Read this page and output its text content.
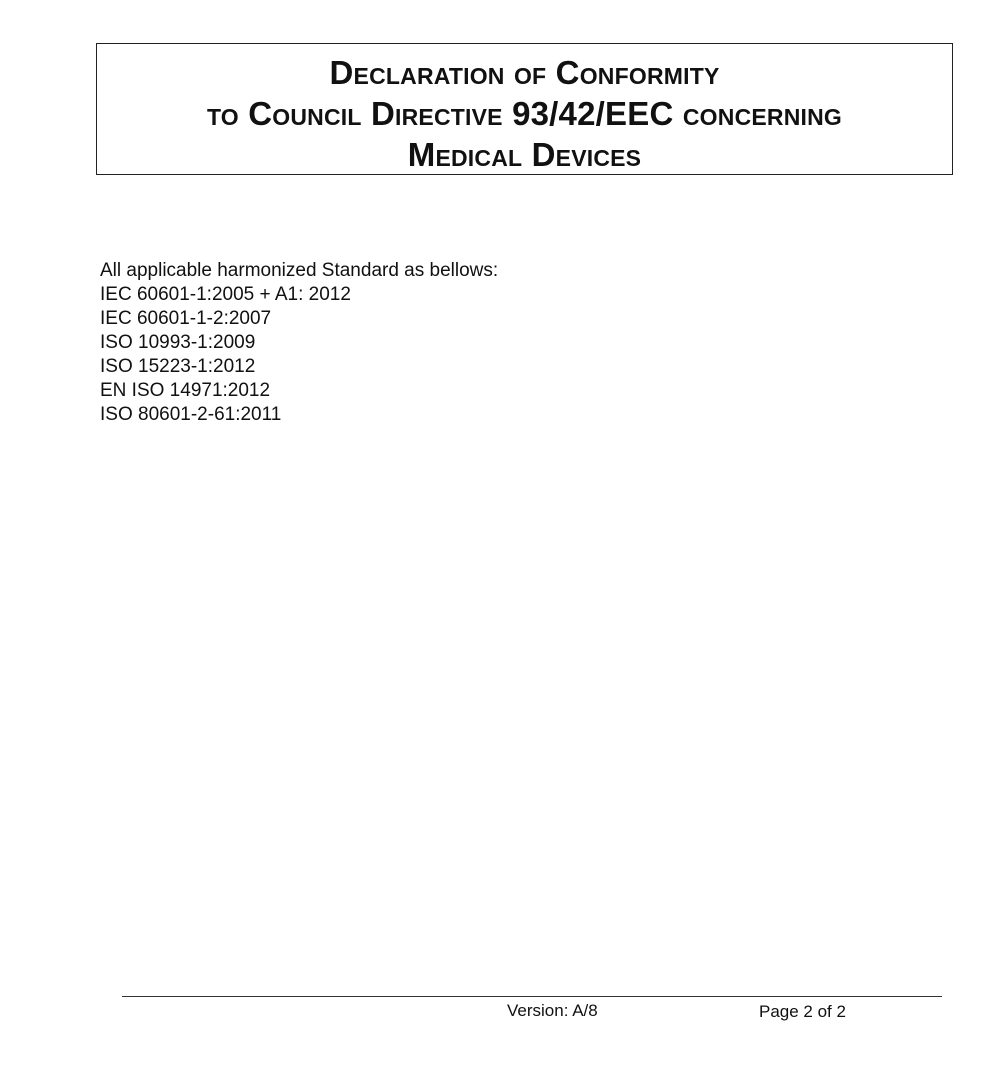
Declaration of Conformity
to Council Directive 93/42/EEC concerning
Medical Devices
All applicable harmonized Standard as bellows:
IEC 60601-1:2005 + A1: 2012
IEC 60601-1-2:2007
ISO 10993-1:2009
ISO 15223-1:2012
EN ISO 14971:2012
ISO 80601-2-61:2011
Version: A/8	Page 2 of 2
